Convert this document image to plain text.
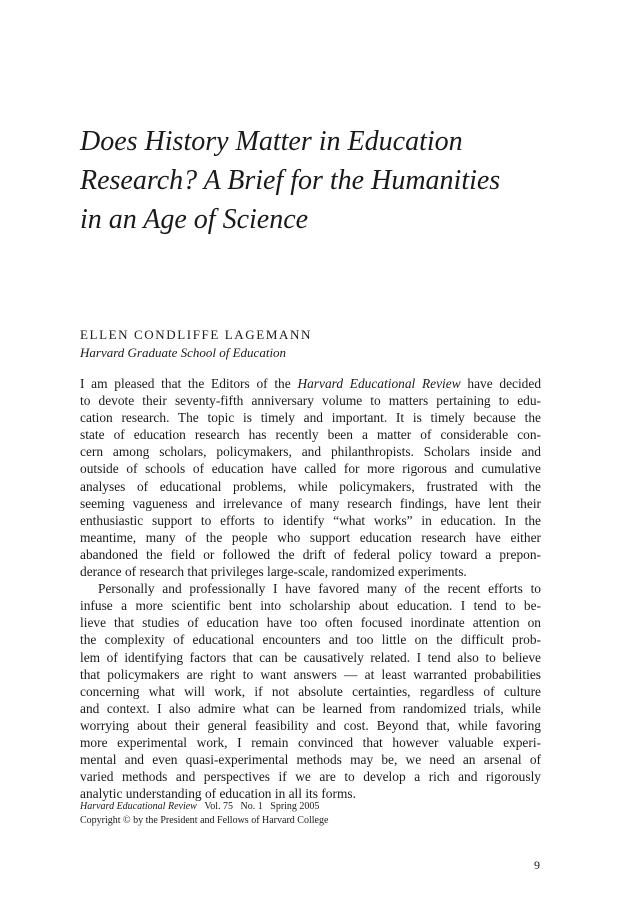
Does History Matter in Education
Research? A Brief for the Humanities
in an Age of Science

ELLEN CONDLIFFE LAGEMANN

Harvard Graduate School of Education

I am pleased that the Editors of the Harvard Educational Review have decided
to devote their seventy-fifth anniversary volume to matters pertaining to edu-
cation research. The topic is timely and important. It is timely because the
state of education research has recently been a matter of considerable con-
cern among scholars, policymakers, and philanthropists. Scholars inside and
outside of schools of education have called for more rigorous and cumulative
analyses of educational problems, while policymakers, frustrated with the
seeming vagueness and irrelevance of many research findings, have lent their
enthusiastic support to efforts to identify “what works” in education. In the
meantime, many of the people who support education research have either
abandoned the field or followed the drift of federal policy toward a prepon-
derance of research that privileges large-scale, randomized experiments.
Personally and professionally I have favored many of the recent efforts to
infuse a more scientific bent into scholarship about education. I tend to be-
lieve that studies of education have too often focused inordinate attention on
the complexity of educational encounters and too little on the difficult prob-
lem of identifying factors that can be causatively related. I tend also to believe
that policymakers are right to want answers — at least warranted probabilities
concerning what will work, if not absolute certainties, regardless of culture
and context. I also admire what can be learned from randomized trials, while
worrying about their general feasibility and cost. Beyond that, while favoring
more experimental work, I remain convinced that however valuable experi-
mental and even quasi-experimental methods may be, we need an arsenal of
varied methods and perspectives if we are to develop a rich and rigorously
analytic understanding of education in all its forms.
Harvard Educational Review Vol. 75   No. 1   Spring 2005
Copyright © by the President and Fellows of Harvard College
9
